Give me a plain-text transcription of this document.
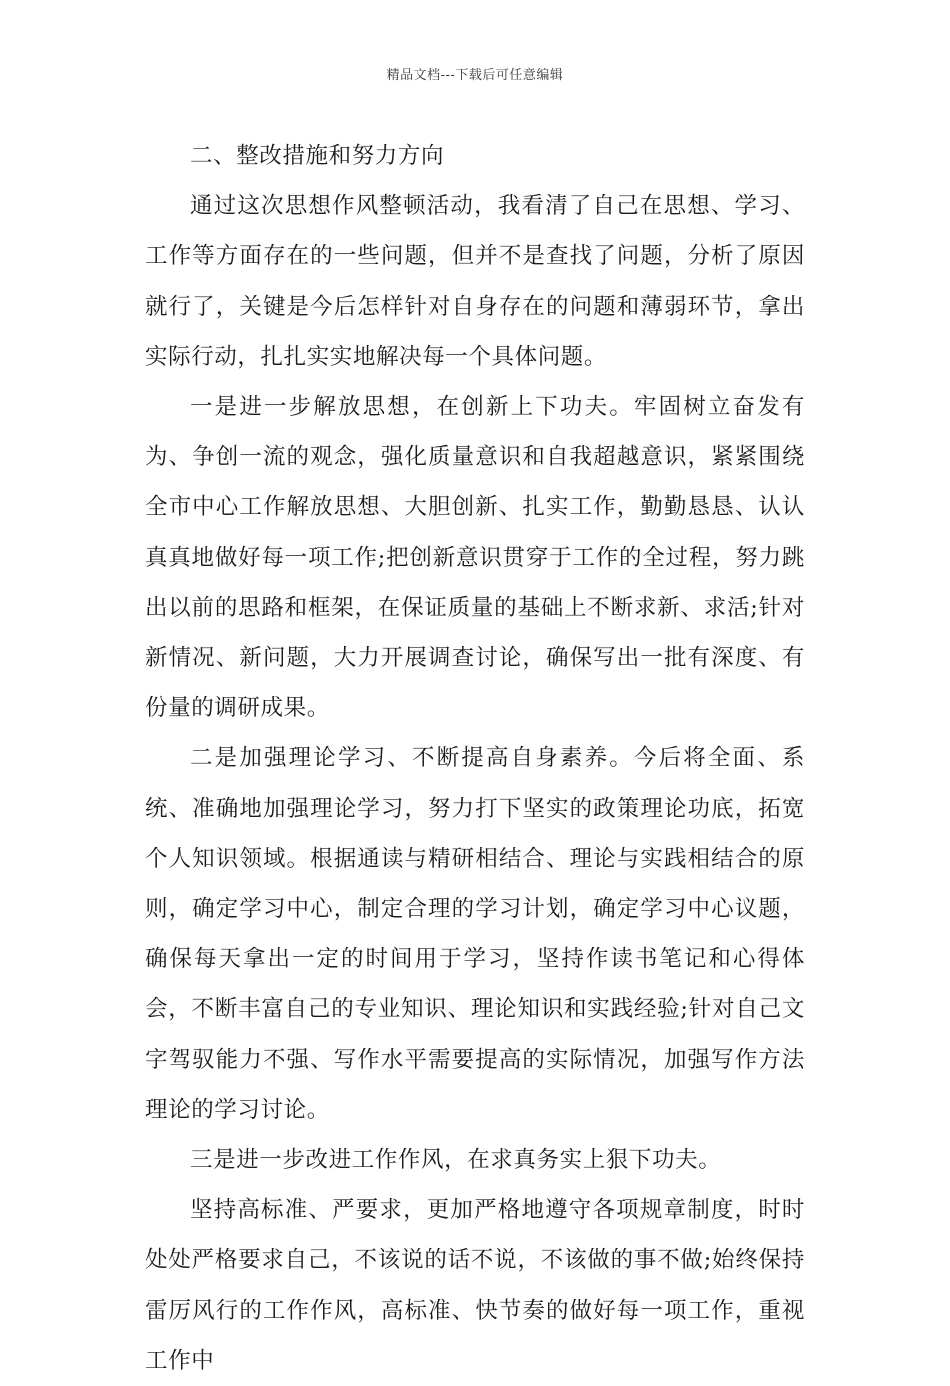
精品文档---下载后可任意编辑

二、整改措施和努力方向

通过这次思想作风整顿活动，我看清了自己在思想、学习、工作等方面存在的一些问题，但并不是查找了问题，分析了原因就行了，关键是今后怎样针对自身存在的问题和薄弱环节，拿出实际行动，扎扎实实地解决每一个具体问题。

一是进一步解放思想，在创新上下功夫。牢固树立奋发有为、争创一流的观念，强化质量意识和自我超越意识，紧紧围绕全市中心工作解放思想、大胆创新、扎实工作，勤勤恳恳、认认真真地做好每一项工作;把创新意识贯穿于工作的全过程，努力跳出以前的思路和框架，在保证质量的基础上不断求新、求活;针对新情况、新问题，大力开展调查讨论，确保写出一批有深度、有份量的调研成果。

二是加强理论学习、不断提高自身素养。今后将全面、系统、准确地加强理论学习，努力打下坚实的政策理论功底，拓宽个人知识领域。根据通读与精研相结合、理论与实践相结合的原则，确定学习中心，制定合理的学习计划，确定学习中心议题，确保每天拿出一定的时间用于学习，坚持作读书笔记和心得体会，不断丰富自己的专业知识、理论知识和实践经验;针对自己文字驾驭能力不强、写作水平需要提高的实际情况，加强写作方法理论的学习讨论。

三是进一步改进工作作风，在求真务实上狠下功夫。

坚持高标准、严要求，更加严格地遵守各项规章制度，时时处处严格要求自己，不该说的话不说，不该做的事不做;始终保持雷厉风行的工作作风，高标准、快节奏的做好每一项工作，重视工作中
